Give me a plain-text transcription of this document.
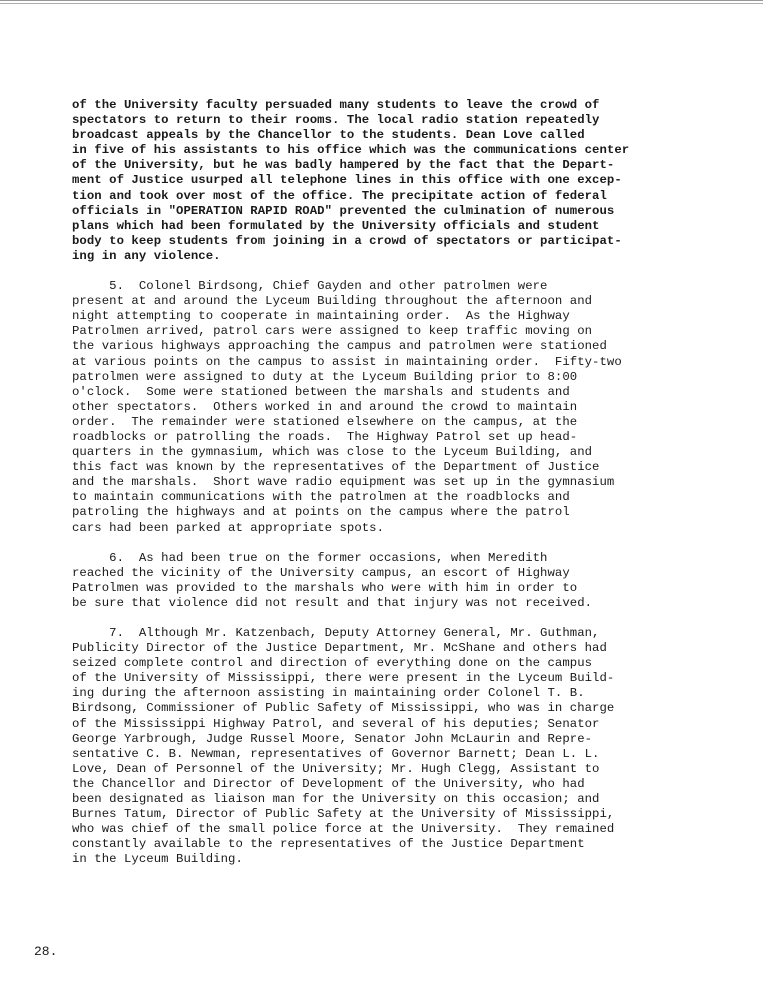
of the University faculty persuaded many students to leave the crowd of
spectators to return to their rooms. The local radio station repeatedly
broadcast appeals by the Chancellor to the students. Dean Love called
in five of his assistants to his office which was the communications center
of the University, but he was badly hampered by the fact that the Depart-
ment of Justice usurped all telephone lines in this office with one excep-
tion and took over most of the office. The precipitate action of federal
officials in "OPERATION RAPID ROAD" prevented the culmination of numerous
plans which had been formulated by the University officials and student
body to keep students from joining in a crowd of spectators or participat-
ing in any violence.

5.  Colonel Birdsong, Chief Gayden and other patrolmen were
present at and around the Lyceum Building throughout the afternoon and
night attempting to cooperate in maintaining order.  As the Highway
Patrolmen arrived, patrol cars were assigned to keep traffic moving on
the various highways approaching the campus and patrolmen were stationed
at various points on the campus to assist in maintaining order.  Fifty-two
patrolmen were assigned to duty at the Lyceum Building prior to 8:00
o'clock.  Some were stationed between the marshals and students and
other spectators.  Others worked in and around the crowd to maintain
order.  The remainder were stationed elsewhere on the campus, at the
roadblocks or patrolling the roads.  The Highway Patrol set up head-
quarters in the gymnasium, which was close to the Lyceum Building, and
this fact was known by the representatives of the Department of Justice
and the marshals.  Short wave radio equipment was set up in the gymnasium
to maintain communications with the patrolmen at the roadblocks and
patroling the highways and at points on the campus where the patrol
cars had been parked at appropriate spots.

6.  As had been true on the former occasions, when Meredith
reached the vicinity of the University campus, an escort of Highway
Patrolmen was provided to the marshals who were with him in order to
be sure that violence did not result and that injury was not received.

7.  Although Mr. Katzenbach, Deputy Attorney General, Mr. Guthman,
Publicity Director of the Justice Department, Mr. McShane and others had
seized complete control and direction of everything done on the campus
of the University of Mississippi, there were present in the Lyceum Build-
ing during the afternoon assisting in maintaining order Colonel T. B.
Birdsong, Commissioner of Public Safety of Mississippi, who was in charge
of the Mississippi Highway Patrol, and several of his deputies; Senator
George Yarbrough, Judge Russel Moore, Senator John McLaurin and Repre-
sentative C. B. Newman, representatives of Governor Barnett; Dean L. L.
Love, Dean of Personnel of the University; Mr. Hugh Clegg, Assistant to
the Chancellor and Director of Development of the University, who had
been designated as liaison man for the University on this occasion; and
Burnes Tatum, Director of Public Safety at the University of Mississippi,
who was chief of the small police force at the University.  They remained
constantly available to the representatives of the Justice Department
in the Lyceum Building.

28.
